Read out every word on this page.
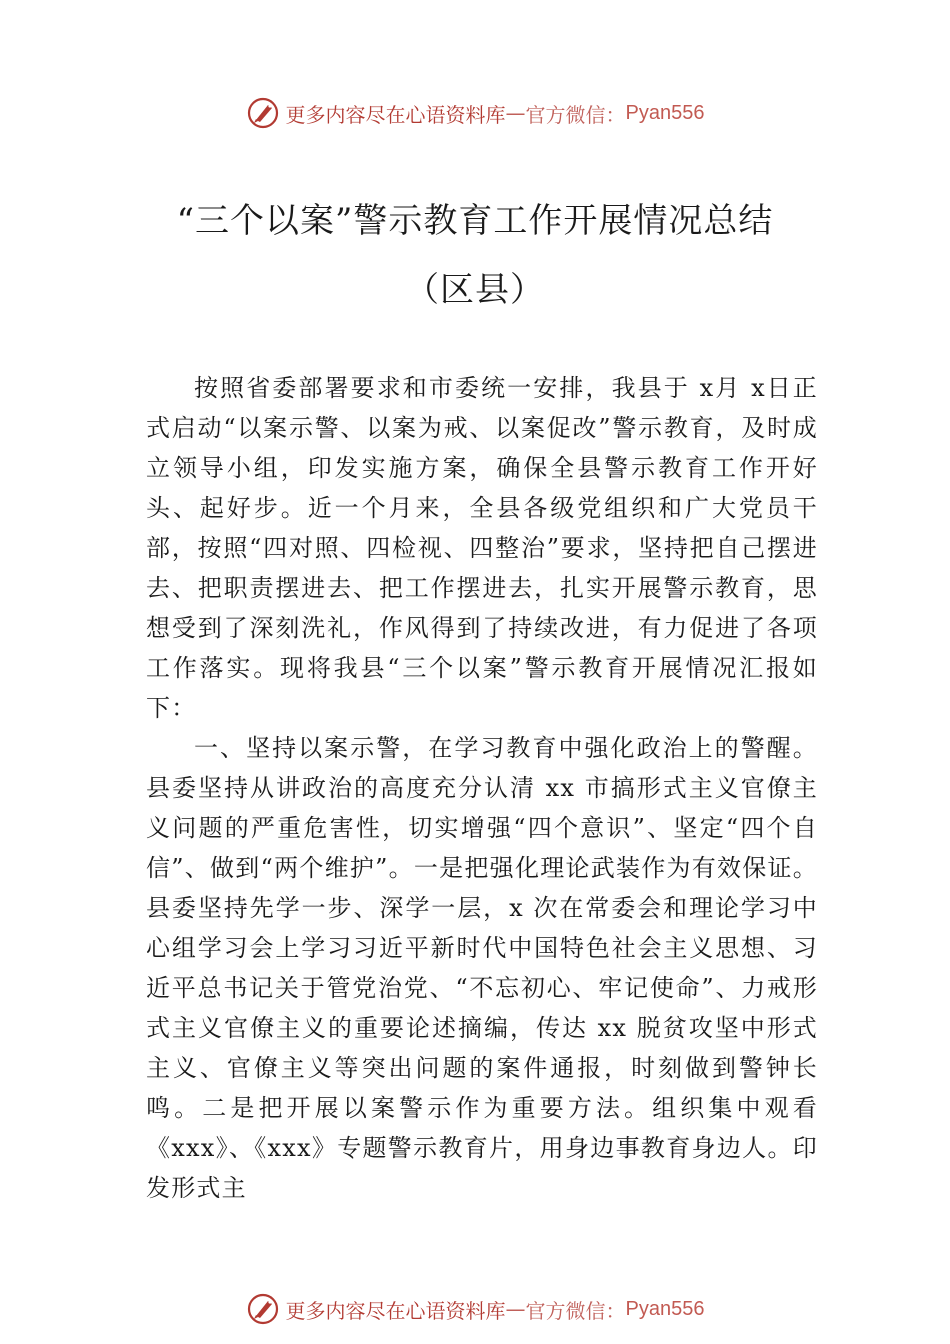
更多内容尽在心语资料库 — 官方微信： Pyan556
“三个以案”警示教育工作开展情况总结
（区县）

按照省委部署要求和市委统一安排，我县于 x月 x日正式启动“以案示警、以案为戒、以案促改”警示教育，及时成立领导小组，印发实施方案，确保全县警示教育工作开好头、起好步。近一个月来，全县各级党组织和广大党员干部，按照“四对照、四检视、四整治”要求，坚持把自己摆进去、把职责摆进去、把工作摆进去，扎实开展警示教育，思想受到了深刻洗礼，作风得到了持续改进，有力促进了各项工作落实。现将我县“三个以案”警示教育开展情况汇报如下：

一、坚持以案示警，在学习教育中强化政治上的警醒。县委坚持从讲政治的高度充分认清 xx 市搞形式主义官僚主义问题的严重危害性，切实增强“四个意识”、坚定“四个自信”、做到“两个维护”。一是把强化理论武装作为有效保证。县委坚持先学一步、深学一层，x 次在常委会和理论学习中心组学习会上学习习近平新时代中国特色社会主义思想、习近平总书记关于管党治党、“不忘初心、牢记使命”、力戒形式主义官僚主义的重要论述摘编，传达 xx 脱贫攻坚中形式主义、官僚主义等突出问题的案件通报，时刻做到警钟长鸣。二是把开展以案警示作为重要方法。组织集中观看《xxx》、《xxx》专题警示教育片，用身边事教育身边人。印发形式主

更多内容尽在心语资料库 — 官方微信： Pyan556
